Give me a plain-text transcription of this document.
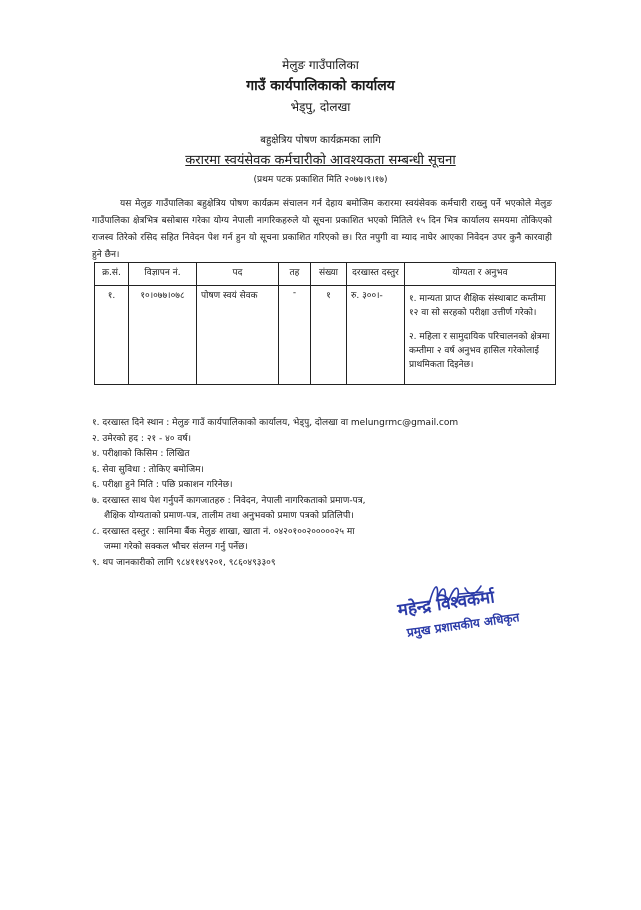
मेलुङ गाउँपालिका
गाउँ कार्यपालिकाको कार्यालय
भेड्पु, दोलखा
बहुक्षेत्रिय पोषण कार्यक्रमका लागि
करारमा स्वयंसेवक कर्मचारीको आवश्यकता सम्बन्धी सूचना
(प्रथम पटक प्रकाशित मिति २०७७।९।१७)
यस मेलुङ गाउँपालिका बहुक्षेत्रिय पोषण कार्यक्रम संचालन गर्न देहाय बमोजिम करारमा स्वयंसेवक कर्मचारी राख्नु पर्ने भएकोले मेलुङ गाउँपालिका क्षेत्रभित्र बसोबास गरेका योग्य नेपाली नागरिकहरुले यो सूचना प्रकाशित भएको मितिले १५ दिन भित्र कार्यालय समयमा तोकिएको राजस्व तिरेको रसिद सहित निवेदन पेश गर्न हुन यो सूचना प्रकाशित गरिएको छ। रित नपुगी वा म्याद नाघेर आएका निवेदन उपर कुनै कारवाही हुने छैन।
क्र.सं.	विज्ञापन नं.	पद	तह	संख्या	दरखास्त दस्तुर	योग्यता र अनुभव
१.	१०।०७७।०७८	पोषण स्वयं सेवक	-	१	रु. ३००।-	१. मान्यता प्राप्त शैक्षिक संस्थाबाट कम्तीमा १२ वा सो सरहको परीक्षा उत्तीर्ण गरेको।

२. महिला र सामुदायिक परिचालनको क्षेत्रमा कम्तीमा २ वर्ष अनुभव हासिल गरेकोलाई प्राथमिकता दिइनेछ।

१. दरखास्त दिने स्थान : मेलुङ गाउँ कार्यपालिकाको कार्यालय, भेड्पु, दोलखा वा melungrmc@gmail.com
२. उमेरको हद : २१ - ४० वर्ष।
४. परीक्षाको किसिम : लिखित
६. सेवा सुविधा : तोकिए बमोजिम।
६. परीक्षा हुने मिति : पछि प्रकाशन गरिनेछ।
७. दरखास्त साथ पेश गर्नुपर्ने कागजातहरु : निवेदन, नेपाली नागरिकताको प्रमाण-पत्र,
शैक्षिक योग्यताको प्रमाण-पत्र, तालीम तथा अनुभवको प्रमाण पत्रको प्रतिलिपी।
८. दरखास्त दस्तुर : सानिमा बैंक मेलुङ शाखा, खाता नं. ०४२०१००२०००००२५ मा
जम्मा गरेको सक्कल भौचर संलग्न गर्नु पर्नेछ।
९. थप जानकारीको लागि ९८४११४९२०१, ९८६०४९३३०९
महेन्द्र विश्वकर्मा
प्रमुख प्रशासकीय अधिकृत
